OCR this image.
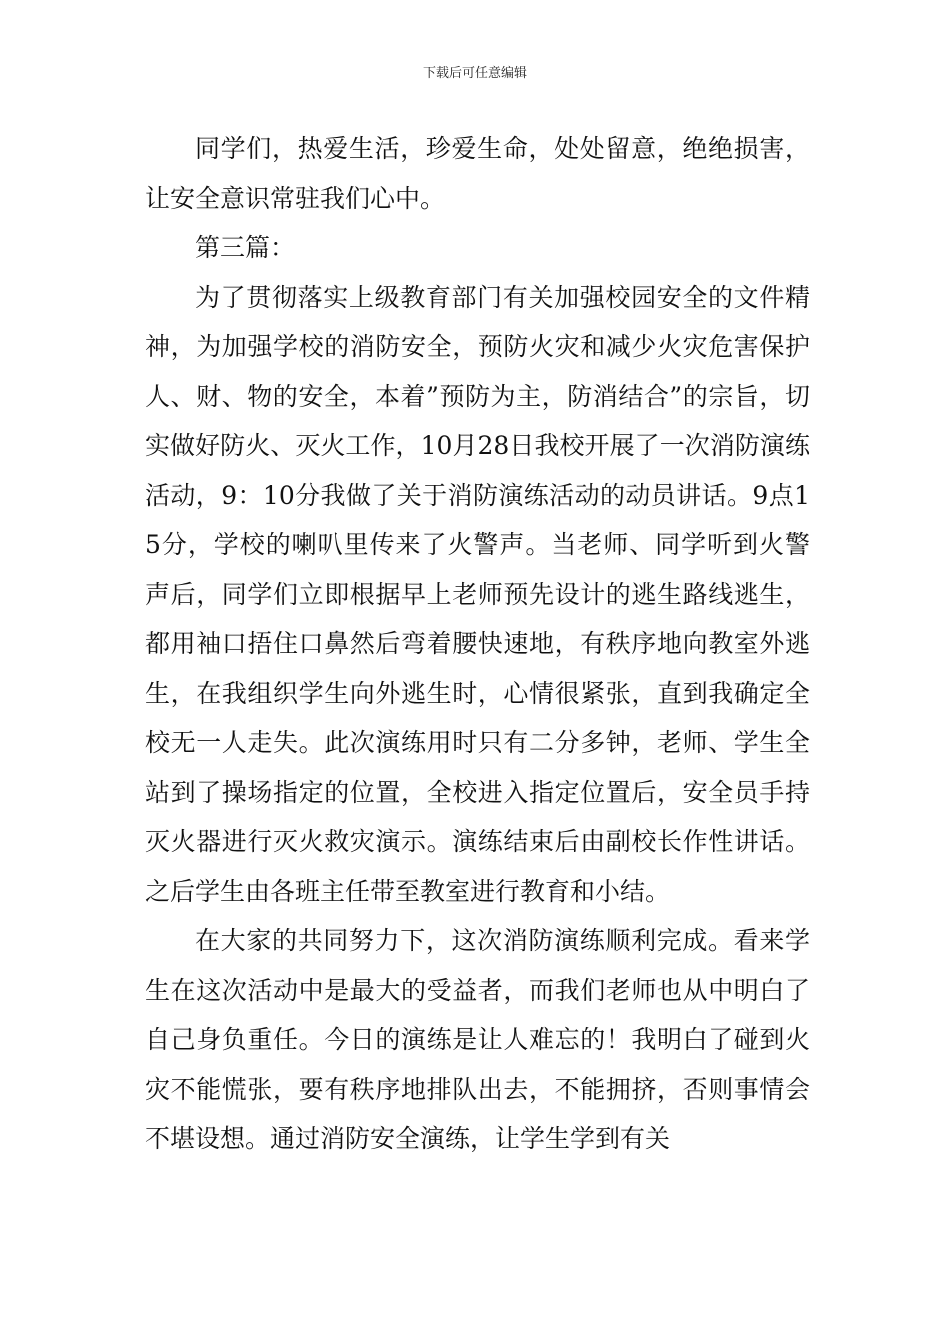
下载后可任意编辑

同学们，热爱生活，珍爱生命，处处留意，绝绝损害，让安全意识常驻我们心中。

第三篇：

为了贯彻落实上级教育部门有关加强校园安全的文件精神，为加强学校的消防安全，预防火灾和减少火灾危害保护人、财、物的安全，本着”预防为主，防消结合”的宗旨，切实做好防火、灭火工作，10月28日我校开展了一次消防演练活动，9：10分我做了关于消防演练活动的动员讲话。9点15分，学校的喇叭里传来了火警声。当老师、同学听到火警声后，同学们立即根据早上老师预先设计的逃生路线逃生，都用袖口捂住口鼻然后弯着腰快速地，有秩序地向教室外逃生，在我组织学生向外逃生时，心情很紧张，直到我确定全校无一人走失。此次演练用时只有二分多钟，老师、学生全站到了操场指定的位置，全校进入指定位置后，安全员手持灭火器进行灭火救灾演示。演练结束后由副校长作性讲话。之后学生由各班主任带至教室进行教育和小结。

在大家的共同努力下，这次消防演练顺利完成。看来学生在这次活动中是最大的受益者，而我们老师也从中明白了自己身负重任。今日的演练是让人难忘的！我明白了碰到火灾不能慌张，要有秩序地排队出去，不能拥挤，否则事情会不堪设想。通过消防安全演练，让学生学到有关
